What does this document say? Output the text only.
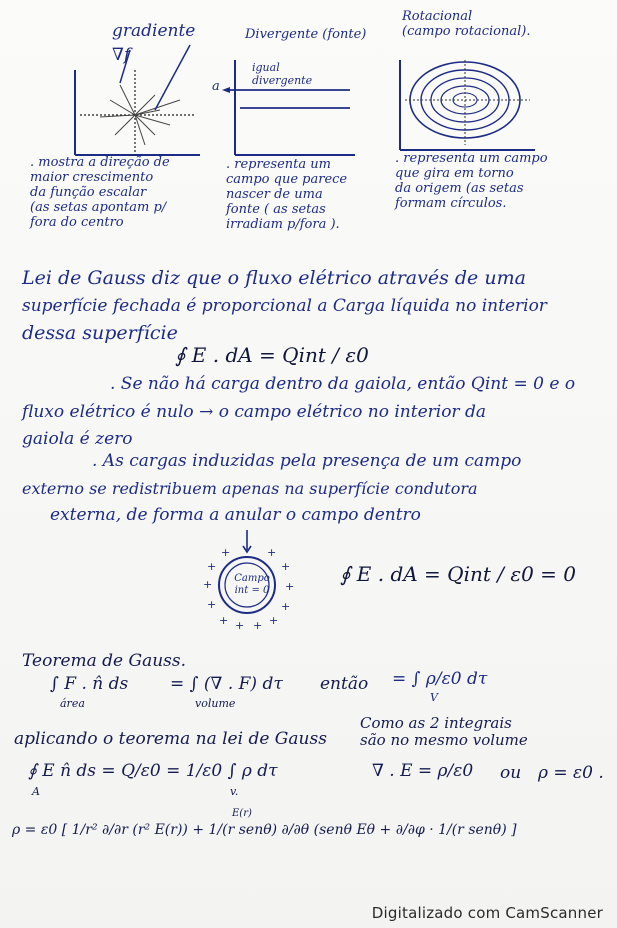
gradiente
∇f
. mostra a direção de
maior crescimento
da função escalar
(as setas apontam p/
fora do centro
Divergente (fonte)
a
igual
divergente
. representa um
campo que parece
nascer de uma
fonte ( as setas
irradiam p/fora ).
Rotacional
(campo rotacional).
. representa um campo
que gira em torno
da origem (as setas
formam círculos.
Lei de Gauss diz que o fluxo elétrico através de uma
superfície fechada é proporcional a Carga líquida no interior
dessa superfície
∮ E . dA = Qint / ε0
. Se não há carga dentro da gaiola, então Qint = 0 e o
fluxo elétrico é nulo → o campo elétrico no interior da
gaiola é zero
. As cargas induzidas pela presença de um campo
externo se redistribuem apenas na superfície condutora
externa, de forma a anular o campo dentro
+
+
+
+ + + +
+
+
+
+
+
Campo
int = 0
∮ E . dA = Qint / ε0 = 0
Teorema de Gauss.
∫ F . n̂ ds
área
= ∫ (∇ . F) dτ
volume
então = ∫ ρ/ε0 dτ
V
aplicando o teorema na lei de Gauss
Como as 2 integrais
são no mesmo volume
∮ E n̂ ds = Q/ε0 = 1/ε0 ∫ ρ dτ
A	v.
∇ . E = ρ/ε0 ou ρ = ε0 .
E(r)
ρ = ε0 [ 1/r² ∂/∂r (r² E(r)) + 1/(r senθ) ∂/∂θ (senθ Eθ + ∂/∂φ · 1/(r senθ) ]
Digitalizado com CamScanner
